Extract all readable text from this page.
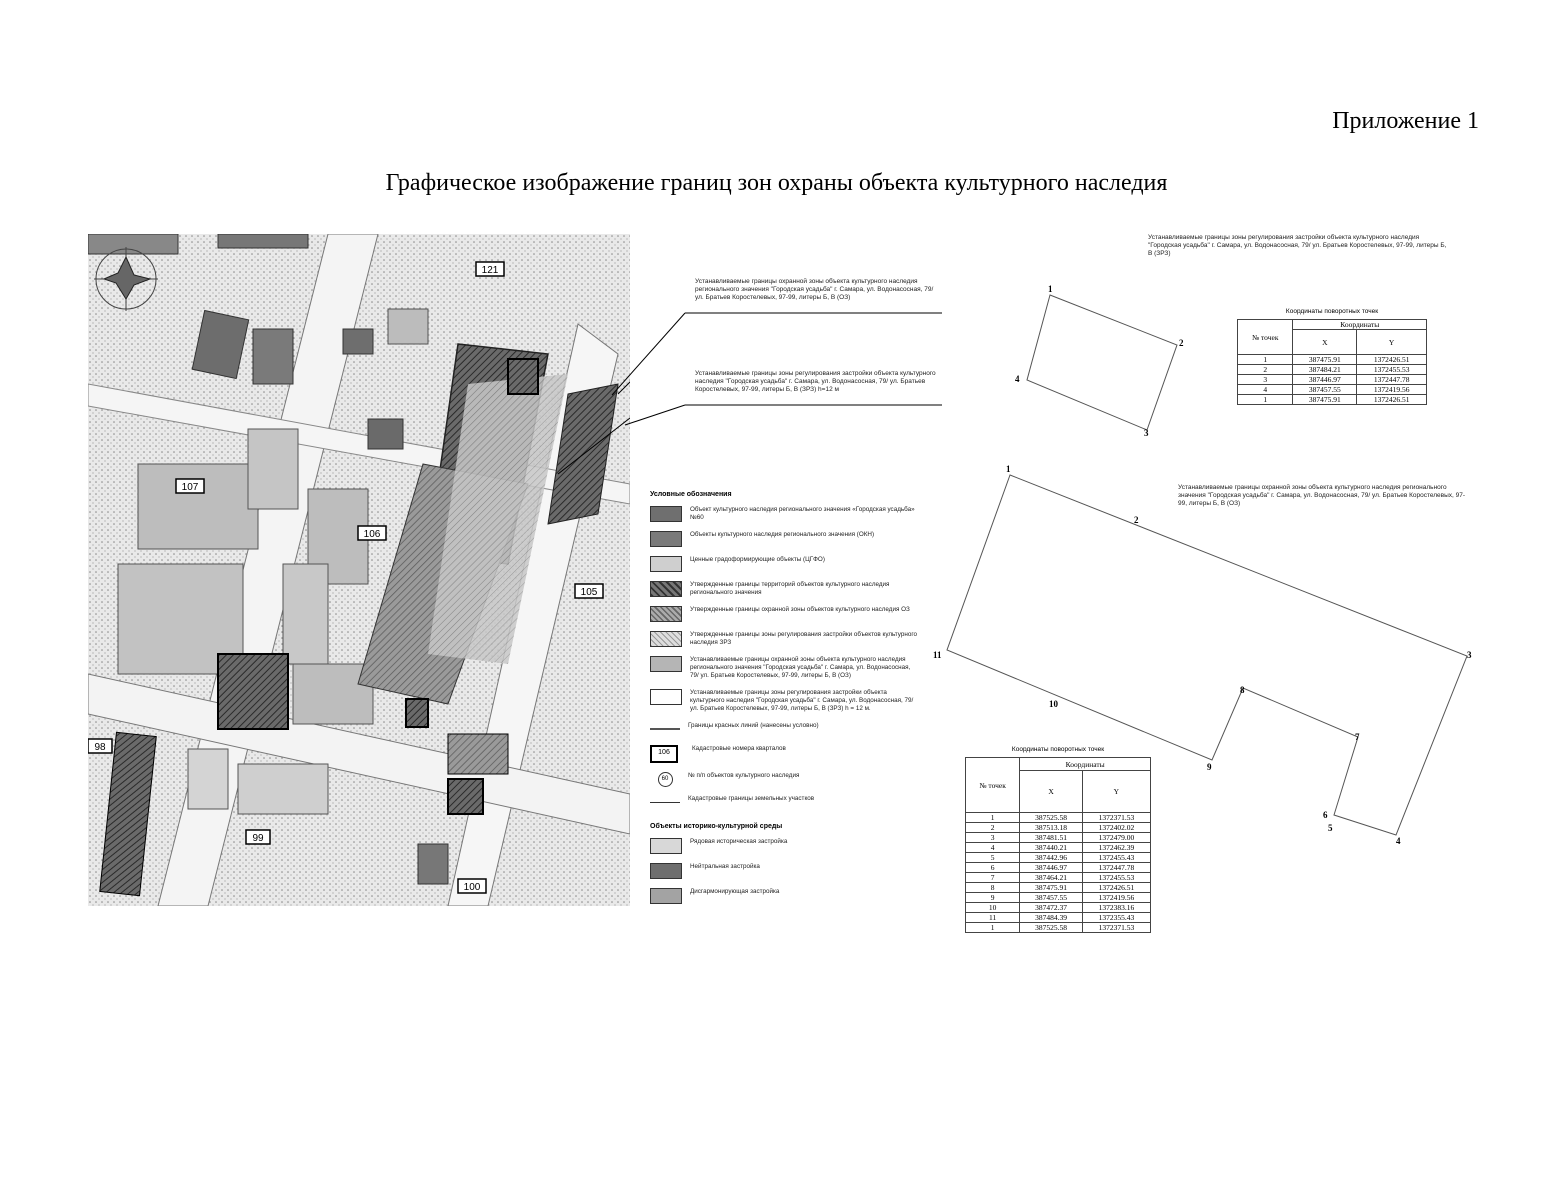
Приложение 1
Графическое изображение границ зон охраны объекта культурного наследия
121
107
106
105
98
99
100
Устанавливаемые границы охранной зоны объекта культурного наследия регионального значения "Городская усадьба" г. Самара, ул. Водонасосная, 79/ ул. Братьев Коростелевых, 97-99, литеры Б, В (ОЗ)
Устанавливаемые границы зоны регулирования застройки объекта культурного наследия "Городская усадьба" г. Самара, ул. Водонасосная, 79/ ул. Братьев Коростелевых, 97-99, литеры Б, В (ЗРЗ) h=12 м
Условные обозначения
Объект культурного наследия регионального значения «Городская усадьба» №60
Объекты культурного наследия регионального значения (ОКН)
Ценные градоформирующие объекты (ЦГФО)
Утвержденные границы территорий объектов культурного наследия регионального значения
Утвержденные границы охранной зоны объектов культурного наследия ОЗ
Утвержденные границы зоны регулирования застройки объектов культурного наследия ЗРЗ
Устанавливаемые границы охранной зоны объекта культурного наследия регионального значения "Городская усадьба" г. Самара, ул. Водонасосная, 79/ ул. Братьев Коростелевых, 97-99, литеры Б, В (ОЗ)
Устанавливаемые границы зоны регулирования застройки объекта культурного наследия "Городская усадьба" г. Самара, ул. Водонасосная, 79/ ул. Братьев Коростелевых, 97-99, литеры Б, В (ЗРЗ) h = 12 м.
Границы красных линий (нанесены условно)
106
Кадастровые номера кварталов
60	№ п/п объектов культурного наследия
Кадастровые границы земельных участков
Объекты историко-культурной среды
Рядовая историческая застройка
Нейтральная застройка
Дисгармонирующая застройка
Устанавливаемые границы зоны регулирования застройки объекта культурного наследия "Городская усадьба" г. Самара, ул. Водонасосная, 79/ ул. Братьев Коростелевых, 97-99, литеры Б, В (ЗРЗ)
1
2
3
4
Координаты поворотных точек
№ точек	Координаты	
	X	Y
1	387475.91	1372426.51
2	387484.21	1372455.53
3	387446.97	1372447.78
4	387457.55	1372419.56
1	387475.91	1372426.51
Устанавливаемые границы охранной зоны объекта культурного наследия регионального значения "Городская усадьба" г. Самара, ул. Водонасосная, 79/ ул. Братьев Коростелевых, 97-99, литеры Б, В (ОЗ)
1
2
3
4
5
6
7
8
9
10
11
Координаты поворотных точек
№ точек	Координаты	
	X	Y
1	387525.58	1372371.53
2	387513.18	1372402.02
3	387481.51	1372479.00
4	387440.21	1372462.39
5	387442.96	1372455.43
6	387446.97	1372447.78
7	387464.21	1372455.53
8	387475.91	1372426.51
9	387457.55	1372419.56
10	387472.37	1372383.16
11	387484.39	1372355.43
1	387525.58	1372371.53
